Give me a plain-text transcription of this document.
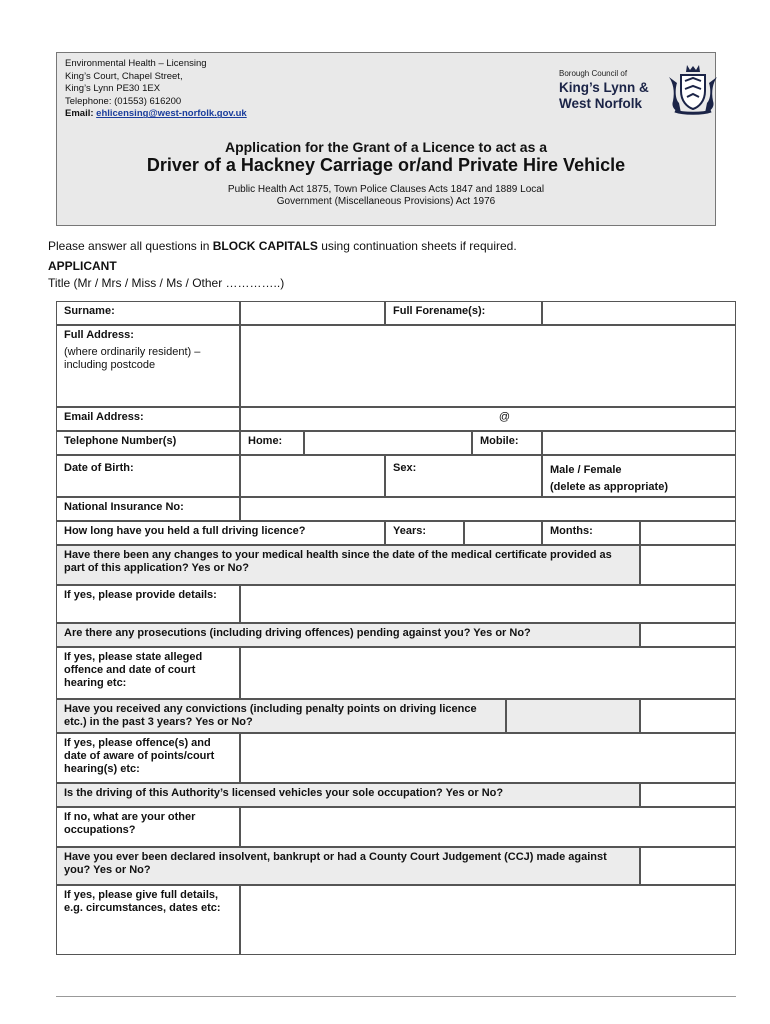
Environmental Health – Licensing
King’s Court, Chapel Street,
King’s Lynn PE30 1EX
Telephone: (01553) 616200
Email: ehlicensing@west-norfolk.gov.uk
Borough Council of
King’s Lynn &
West Norfolk
Application for the Grant of a Licence to act as a
Driver of a Hackney Carriage or/and Private Hire Vehicle
Public Health Act 1875, Town Police Clauses Acts 1847 and 1889 Local
Government (Miscellaneous Provisions) Act 1976
Please answer all questions in BLOCK CAPITALS using continuation sheets if required.
APPLICANT
Title (Mr / Mrs / Miss / Ms / Other …………..)
Surname:	Full Forename(s):
Full Address:
(where ordinarily resident) – including postcode
Email Address:	@
Telephone Number(s)	Home:	Mobile:
Date of Birth:	Sex:	Male / Female
(delete as appropriate)
National Insurance No:
How long have you held a full driving licence?	Years:	Months:
Have there been any changes to your medical health since the date of the medical certificate provided as part of this application? Yes or No?
If yes, please provide details:
Are there any prosecutions (including driving offences) pending against you? Yes or No?
If yes, please state alleged offence and date of court hearing etc:
Have you received any convictions (including penalty points on driving licence etc.) in the past 3 years? Yes or No?
If yes, please offence(s) and date of aware of points/court hearing(s) etc:
Is the driving of this Authority’s licensed vehicles your sole occupation? Yes or No?
If no, what are your other occupations?
Have you ever been declared insolvent, bankrupt or had a County Court Judgement (CCJ) made against you? Yes or No?
If yes, please give full details, e.g. circumstances, dates etc:
